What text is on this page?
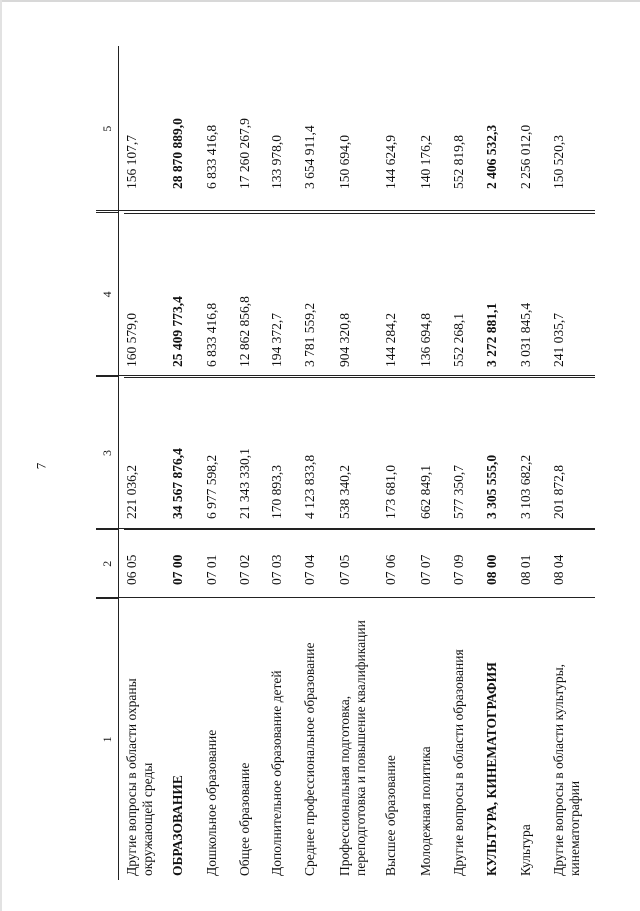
7
1
2
3
4
5
Другие вопросы в области охраны окружающей среды
06 05
221 036,2
160 579,0
156 107,7
ОБРАЗОВАНИЕ
07 00
34 567 876,4
25 409 773,4
28 870 889,0
Дошкольное образование
07 01
6 977 598,2
6 833 416,8
6 833 416,8
Общее образование
07 02
21 343 330,1
12 862 856,8
17 260 267,9
Дополнительное образование детей
07 03
170 893,3
194 372,7
133 978,0
Среднее профессиональное образование
07 04
4 123 833,8
3 781 559,2
3 654 911,4
Профессиональная подготовка, переподготовка и повышение квалификации
07 05
538 340,2
904 320,8
150 694,0
Высшее образование
07 06
173 681,0
144 284,2
144 624,9
Молодежная политика
07 07
662 849,1
136 694,8
140 176,2
Другие вопросы в области образования
07 09
577 350,7
552 268,1
552 819,8
КУЛЬТУРА, КИНЕМАТОГРАФИЯ
08 00
3 305 555,0
3 272 881,1
2 406 532,3
Культура
08 01
3 103 682,2
3 031 845,4
2 256 012,0
Другие вопросы в области культуры, кинематографии
08 04
201 872,8
241 035,7
150 520,3
